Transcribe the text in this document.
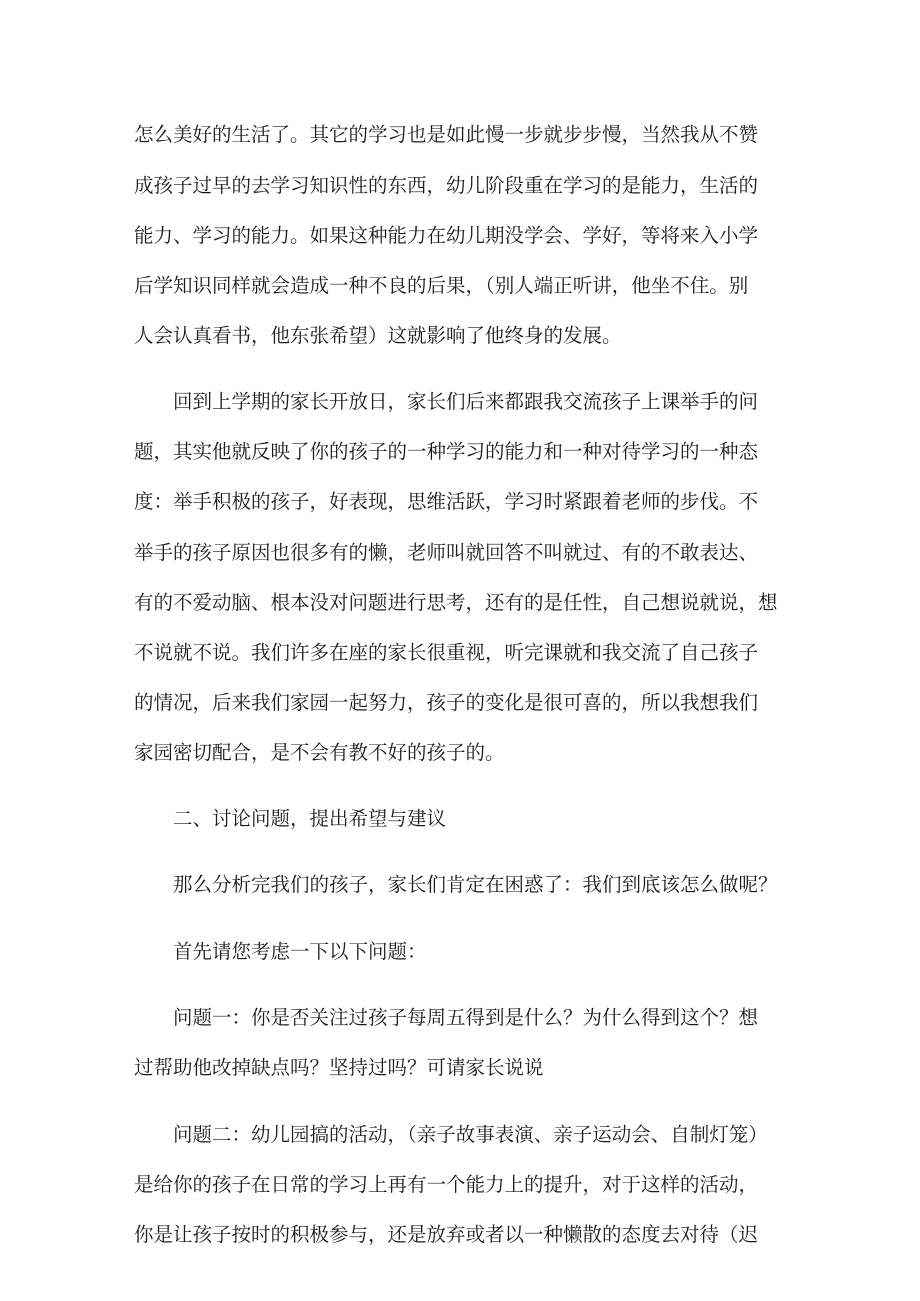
怎么美好的生活了。其它的学习也是如此慢一步就步步慢，当然我从不赞
成孩子过早的去学习知识性的东西，幼儿阶段重在学习的是能力，生活的
能力、学习的能力。如果这种能力在幼儿期没学会、学好，等将来入小学
后学知识同样就会造成一种不良的后果，（别人端正听讲，他坐不住。别
人会认真看书，他东张希望）这就影响了他终身的发展。
回到上学期的家长开放日，家长们后来都跟我交流孩子上课举手的问
题，其实他就反映了你的孩子的一种学习的能力和一种对待学习的一种态
度：举手积极的孩子，好表现，思维活跃，学习时紧跟着老师的步伐。不
举手的孩子原因也很多有的懒，老师叫就回答不叫就过、有的不敢表达、
有的不爱动脑、根本没对问题进行思考，还有的是任性，自己想说就说，想
不说就不说。我们许多在座的家长很重视，听完课就和我交流了自己孩子
的情况，后来我们家园一起努力，孩子的变化是很可喜的，所以我想我们
家园密切配合，是不会有教不好的孩子的。
二、讨论问题，提出希望与建议
那么分析完我们的孩子，家长们肯定在困惑了：我们到底该怎么做呢？
首先请您考虑一下以下问题：
问题一：你是否关注过孩子每周五得到是什么？为什么得到这个？想
过帮助他改掉缺点吗？坚持过吗？可请家长说说
问题二：幼儿园搞的活动，（亲子故事表演、亲子运动会、自制灯笼）
是给你的孩子在日常的学习上再有一个能力上的提升，对于这样的活动，
你是让孩子按时的积极参与，还是放弃或者以一种懒散的态度去对待（迟
